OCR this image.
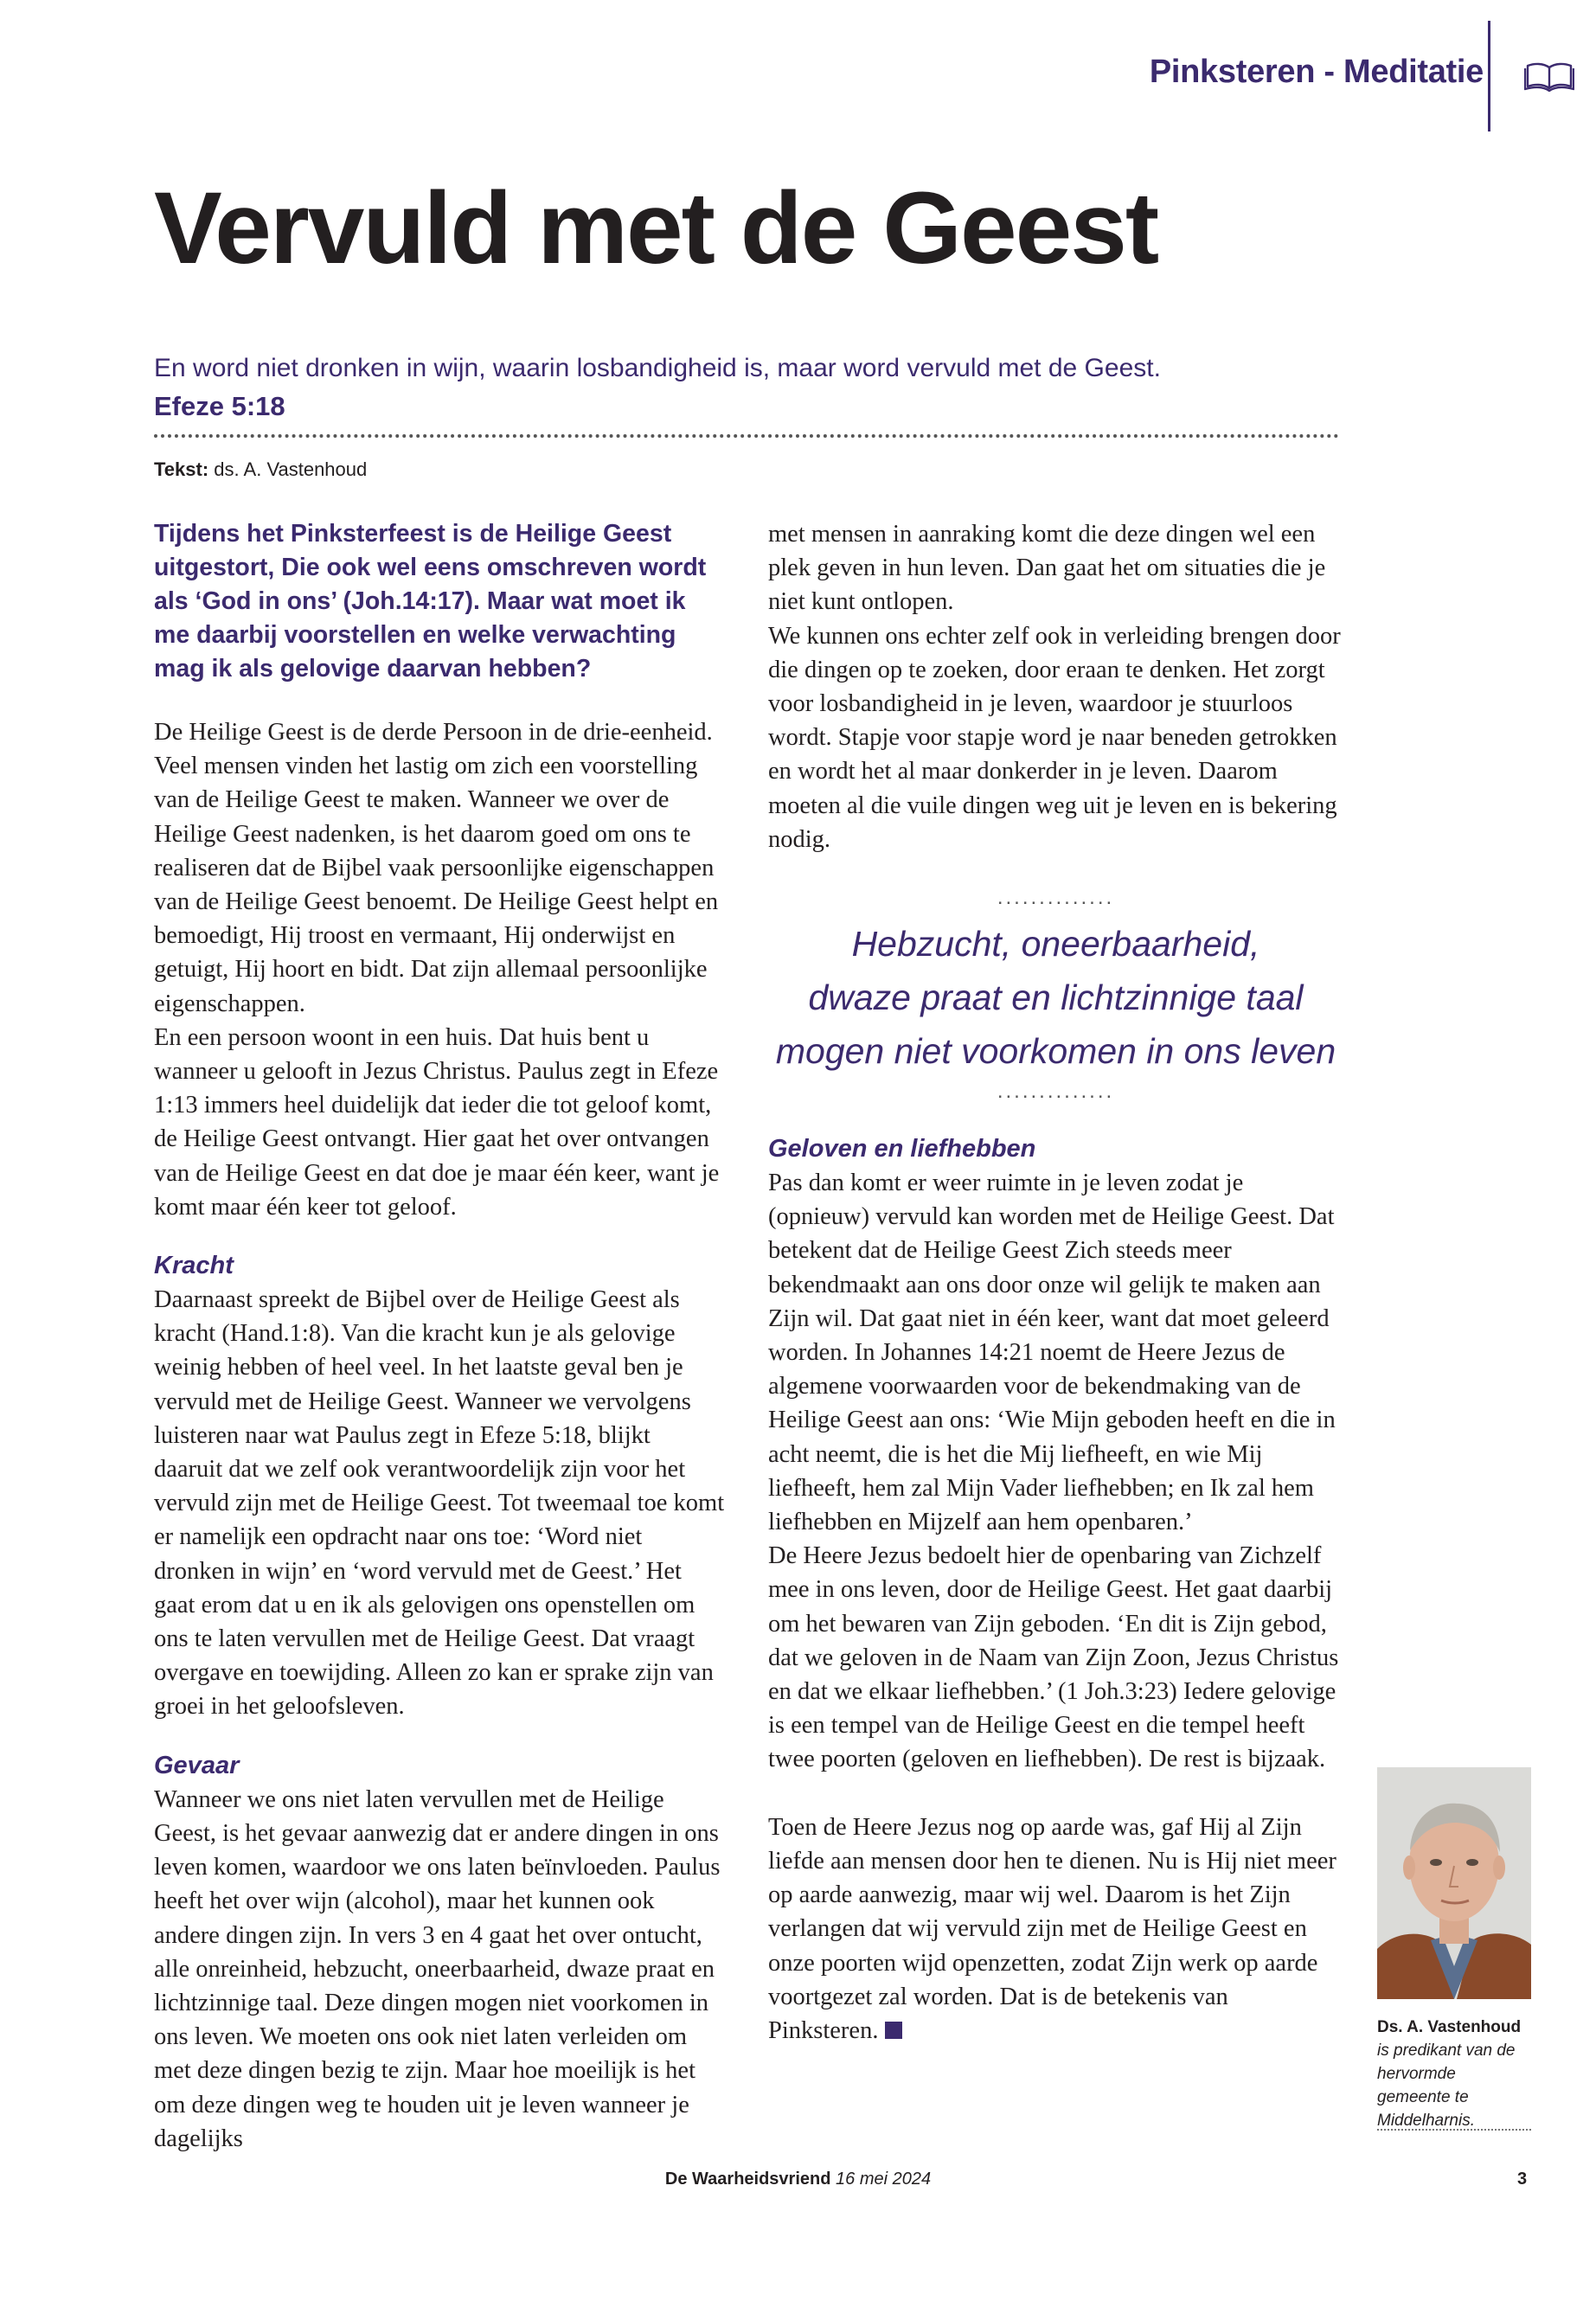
Pinksteren - Meditatie
Vervuld met de Geest
En word niet dronken in wijn, waarin losbandigheid is, maar word vervuld met de Geest.
Efeze 5:18
Tekst: ds. A. Vastenhoud

Tijdens het Pinksterfeest is de Heilige Geest uitgestort, Die ook wel eens omschreven wordt als ‘God in ons’ (Joh.14:17). Maar wat moet ik me daarbij voorstellen en welke verwachting mag ik als gelovige daarvan hebben?

De Heilige Geest is de derde Persoon in de drie-eenheid. Veel mensen vinden het lastig om zich een voorstelling van de Heilige Geest te maken. Wanneer we over de Heilige Geest nadenken, is het daarom goed om ons te realiseren dat de Bijbel vaak persoonlijke eigenschappen van de Heilige Geest benoemt. De Heilige Geest helpt en bemoedigt, Hij troost en vermaant, Hij onderwijst en getuigt, Hij hoort en bidt. Dat zijn allemaal persoonlijke eigenschappen.

En een persoon woont in een huis. Dat huis bent u wanneer u gelooft in Jezus Christus. Paulus zegt in Efeze 1:13 immers heel duidelijk dat ieder die tot geloof komt, de Heilige Geest ontvangt. Hier gaat het over ontvangen van de Heilige Geest en dat doe je maar één keer, want je komt maar één keer tot geloof.

Kracht

Daarnaast spreekt de Bijbel over de Heilige Geest als kracht (Hand.1:8). Van die kracht kun je als gelovige weinig hebben of heel veel. In het laatste geval ben je vervuld met de Heilige Geest. Wanneer we vervolgens luisteren naar wat Paulus zegt in Efeze 5:18, blijkt daaruit dat we zelf ook verantwoordelijk zijn voor het vervuld zijn met de Heilige Geest. Tot tweemaal toe komt er namelijk een opdracht naar ons toe: ‘Word niet dronken in wijn’ en ‘word vervuld met de Geest.’ Het gaat erom dat u en ik als gelovigen ons openstellen om ons te laten vervullen met de Heilige Geest. Dat vraagt overgave en toewijding. Alleen zo kan er sprake zijn van groei in het geloofsleven.

Gevaar

Wanneer we ons niet laten vervullen met de Heilige Geest, is het gevaar aanwezig dat er andere dingen in ons leven komen, waardoor we ons laten beïnvloeden. Paulus heeft het over wijn (alcohol), maar het kunnen ook andere dingen zijn. In vers 3 en 4 gaat het over ontucht, alle onreinheid, hebzucht, oneerbaarheid, dwaze praat en lichtzinnige taal. Deze dingen mogen niet voorkomen in ons leven. We moeten ons ook niet laten verleiden om met deze dingen bezig te zijn. Maar hoe moeilijk is het om deze dingen weg te houden uit je leven wanneer je dagelijks

met mensen in aanraking komt die deze dingen wel een plek geven in hun leven. Dan gaat het om situaties die je niet kunt ontlopen.

We kunnen ons echter zelf ook in verleiding brengen door die dingen op te zoeken, door eraan te denken. Het zorgt voor losbandigheid in je leven, waardoor je stuurloos wordt. Stapje voor stapje word je naar beneden getrokken en wordt het al maar donkerder in je leven. Daarom moeten al die vuile dingen weg uit je leven en is bekering nodig.

..............
Hebzucht, oneerbaarheid,
dwaze praat en lichtzinnige taal
mogen niet voorkomen in ons leven
..............

Geloven en liefhebben

Pas dan komt er weer ruimte in je leven zodat je (opnieuw) vervuld kan worden met de Heilige Geest. Dat betekent dat de Heilige Geest Zich steeds meer bekendmaakt aan ons door onze wil gelijk te maken aan Zijn wil. Dat gaat niet in één keer, want dat moet geleerd worden. In Johannes 14:21 noemt de Heere Jezus de algemene voorwaarden voor de bekendmaking van de Heilige Geest aan ons: ‘Wie Mijn geboden heeft en die in acht neemt, die is het die Mij liefheeft, en wie Mij liefheeft, hem zal Mijn Vader liefhebben; en Ik zal hem liefhebben en Mijzelf aan hem openbaren.’

De Heere Jezus bedoelt hier de openbaring van Zichzelf mee in ons leven, door de Heilige Geest. Het gaat daarbij om het bewaren van Zijn geboden. ‘En dit is Zijn gebod, dat we geloven in de Naam van Zijn Zoon, Jezus Christus en dat we elkaar liefhebben.’ (1 Joh.3:23) Iedere gelovige is een tempel van de Heilige Geest en die tempel heeft twee poorten (geloven en liefhebben). De rest is bijzaak.

Toen de Heere Jezus nog op aarde was, gaf Hij al Zijn liefde aan mensen door hen te dienen. Nu is Hij niet meer op aarde aanwezig, maar wij wel. Daarom is het Zijn verlangen dat wij vervuld zijn met de Heilige Geest en onze poorten wijd openzetten, zodat Zijn werk op aarde voortgezet zal worden. Dat is de betekenis van Pinksteren.	Ds. A. Vastenhoud
is predikant van de hervormde gemeente te Middelharnis.
De Waarheidsvriend 16 mei 2024	3
